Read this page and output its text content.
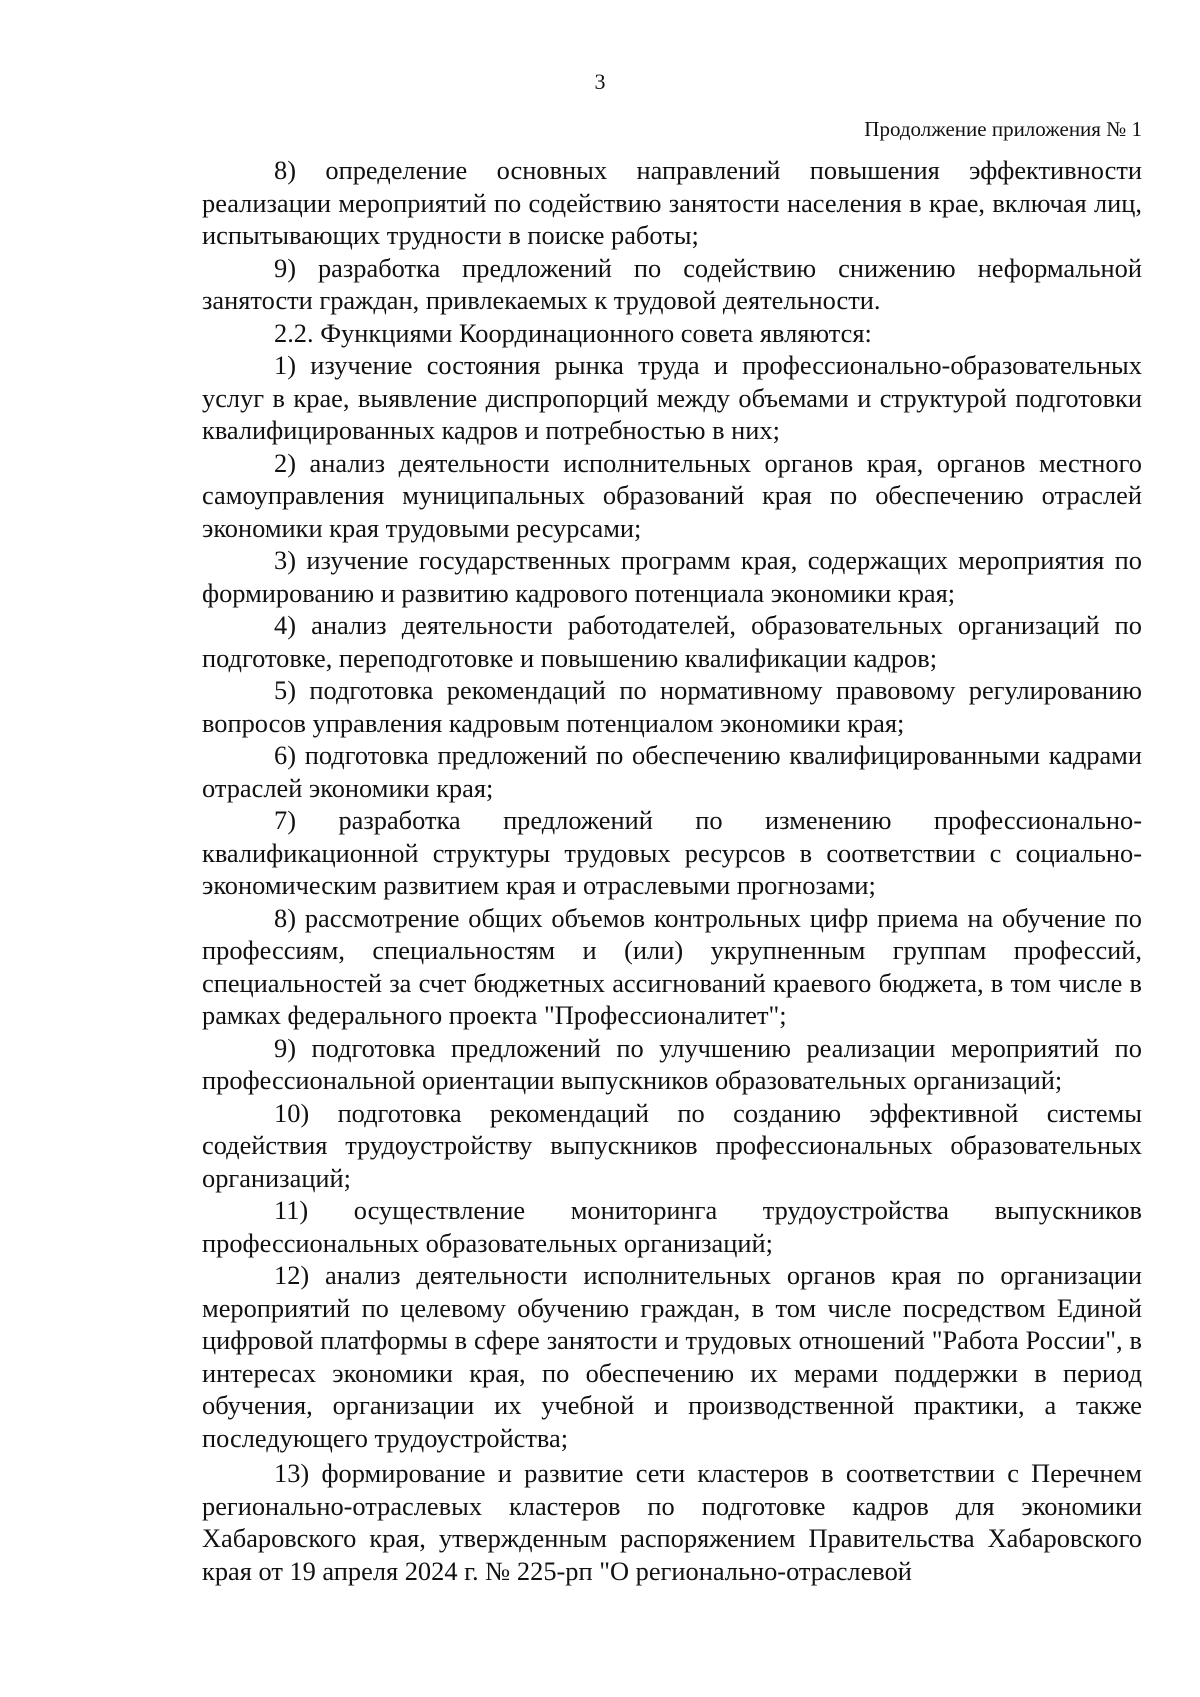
3
Продолжение приложения № 1

8) определение основных направлений повышения эффективности реализации мероприятий по содействию занятости населения в крае, включая лиц, испытывающих трудности в поиске работы;

9) разработка предложений по содействию снижению неформальной занятости граждан, привлекаемых к трудовой деятельности.

2.2. Функциями Координационного совета являются:

1) изучение состояния рынка труда и профессионально-образовательных услуг в крае, выявление диспропорций между объемами и структурой подготовки квалифицированных кадров и потребностью в них;

2) анализ деятельности исполнительных органов края, органов местного самоуправления муниципальных образований края по обеспечению отраслей экономики края трудовыми ресурсами;

3) изучение государственных программ края, содержащих мероприятия по формированию и развитию кадрового потенциала экономики края;

4) анализ деятельности работодателей, образовательных организаций по подготовке, переподготовке и повышению квалификации кадров;

5) подготовка рекомендаций по нормативному правовому регулированию вопросов управления кадровым потенциалом экономики края;

6) подготовка предложений по обеспечению квалифицированными кадрами отраслей экономики края;

7) разработка предложений по изменению профессионально-квалификационной структуры трудовых ресурсов в соответствии с социально-экономическим развитием края и отраслевыми прогнозами;

8) рассмотрение общих объемов контрольных цифр приема на обучение по профессиям, специальностям и (или) укрупненным группам профессий, специальностей за счет бюджетных ассигнований краевого бюджета, в том числе в рамках федерального проекта "Профессионалитет";

9) подготовка предложений по улучшению реализации мероприятий по профессиональной ориентации выпускников образовательных организаций;

10) подготовка рекомендаций по созданию эффективной системы содействия трудоустройству выпускников профессиональных образовательных организаций;

11) осуществление мониторинга трудоустройства выпускников профессиональных образовательных организаций;

12) анализ деятельности исполнительных органов края по организации мероприятий по целевому обучению граждан, в том числе посредством Единой цифровой платформы в сфере занятости и трудовых отношений "Работа России", в интересах экономики края, по обеспечению их мерами поддержки в период обучения, организации их учебной и производственной практики, а также последующего трудоустройства;

13) формирование и развитие сети кластеров в соответствии с Перечнем регионально-отраслевых кластеров по подготовке кадров для экономики Хабаровского края, утвержденным распоряжением Правительства Хабаровского края от 19 апреля 2024 г. № 225-рп "О регионально-отраслевой
